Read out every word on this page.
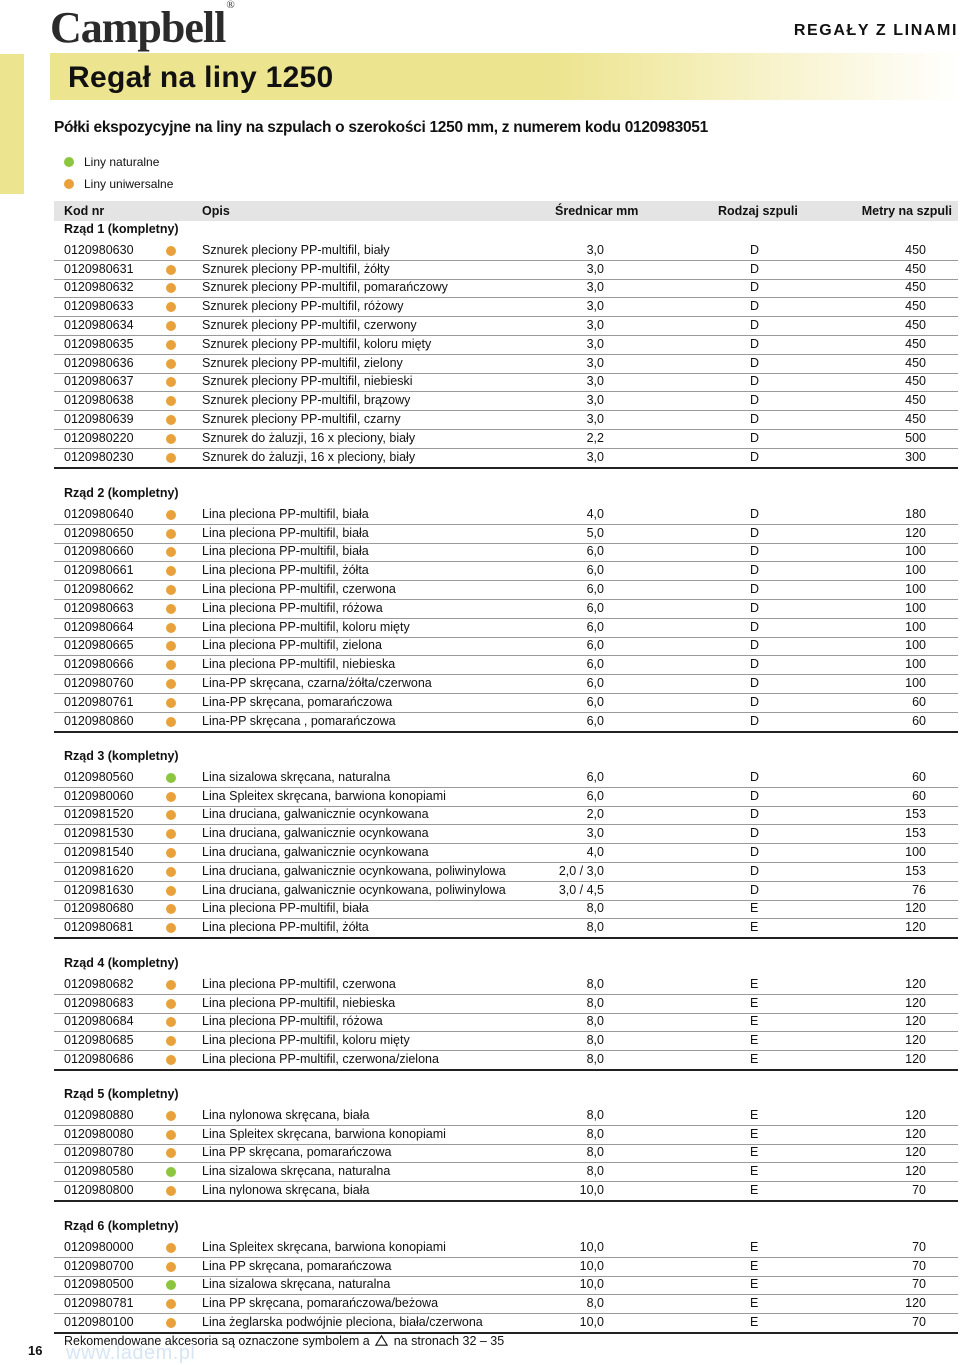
Campbell®
REGAŁY Z LINAMI
Regał na liny 1250
Półki ekspozycyjne na liny na szpulach o szerokości 1250 mm, z numerem kodu 0120983051
Liny naturalne
Liny uniwersalne
Kod nr	Opis	Średnicar mm	Rodzaj szpuli	Metry na szpuli
Rząd 1 (kompletny)
0120980630	Sznurek pleciony PP-multifil, biały	3,0	D	450
0120980631	Sznurek pleciony PP-multifil, żółty	3,0	D	450
0120980632	Sznurek pleciony PP-multifil, pomarańczowy	3,0	D	450
0120980633	Sznurek pleciony PP-multifil, różowy	3,0	D	450
0120980634	Sznurek pleciony PP-multifil, czerwony	3,0	D	450
0120980635	Sznurek pleciony PP-multifil, koloru mięty	3,0	D	450
0120980636	Sznurek pleciony PP-multifil, zielony	3,0	D	450
0120980637	Sznurek pleciony PP-multifil, niebieski	3,0	D	450
0120980638	Sznurek pleciony PP-multifil, brązowy	3,0	D	450
0120980639	Sznurek pleciony PP-multifil, czarny	3,0	D	450
0120980220	Sznurek do żaluzji, 16 x pleciony, biały	2,2	D	500
0120980230	Sznurek do żaluzji, 16 x pleciony, biały	3,0	D	300
Rząd 2 (kompletny)
0120980640	Lina pleciona PP-multifil, biała	4,0	D	180
0120980650	Lina pleciona PP-multifil, biała	5,0	D	120
0120980660	Lina pleciona PP-multifil, biała	6,0	D	100
0120980661	Lina pleciona PP-multifil, żółta	6,0	D	100
0120980662	Lina pleciona PP-multifil, czerwona	6,0	D	100
0120980663	Lina pleciona PP-multifil, różowa	6,0	D	100
0120980664	Lina pleciona PP-multifil, koloru mięty	6,0	D	100
0120980665	Lina pleciona PP-multifil, zielona	6,0	D	100
0120980666	Lina pleciona PP-multifil, niebieska	6,0	D	100
0120980760	Lina-PP skręcana, czarna/żółta/czerwona	6,0	D	100
0120980761	Lina-PP skręcana, pomarańczowa	6,0	D	60
0120980860	Lina-PP skręcana , pomarańczowa	6,0	D	60
Rząd 3 (kompletny)
0120980560	Lina sizalowa skręcana, naturalna	6,0	D	60
0120980060	Lina Spleitex skręcana, barwiona konopiami	6,0	D	60
0120981520	Lina druciana, galwanicznie ocynkowana	2,0	D	153
0120981530	Lina druciana, galwanicznie ocynkowana	3,0	D	153
0120981540	Lina druciana, galwanicznie ocynkowana	4,0	D	100
0120981620	Lina druciana, galwanicznie ocynkowana, poliwinylowa	2,0 / 3,0	D	153
0120981630	Lina druciana, galwanicznie ocynkowana, poliwinylowa	3,0 / 4,5	D	76
0120980680	Lina pleciona PP-multifil, biała	8,0	E	120
0120980681	Lina pleciona PP-multifil, żółta	8,0	E	120
Rząd 4 (kompletny)
0120980682	Lina pleciona PP-multifil, czerwona	8,0	E	120
0120980683	Lina pleciona PP-multifil, niebieska	8,0	E	120
0120980684	Lina pleciona PP-multifil, różowa	8,0	E	120
0120980685	Lina pleciona PP-multifil, koloru mięty	8,0	E	120
0120980686	Lina pleciona PP-multifil, czerwona/zielona	8,0	E	120
Rząd 5 (kompletny)
0120980880	Lina nylonowa skręcana, biała	8,0	E	120
0120980080	Lina Spleitex skręcana, barwiona konopiami	8,0	E	120
0120980780	Lina PP skręcana, pomarańczowa	8,0	E	120
0120980580	Lina sizalowa skręcana, naturalna	8,0	E	120
0120980800	Lina nylonowa skręcana, biała	10,0	E	70
Rząd 6 (kompletny)
0120980000	Lina Spleitex skręcana, barwiona konopiami	10,0	E	70
0120980700	Lina PP skręcana, pomarańczowa	10,0	E	70
0120980500	Lina sizalowa skręcana, naturalna	10,0	E	70
0120980781	Lina PP skręcana, pomarańczowa/beżowa	8,0	E	120
0120980100	Lina żeglarska podwójnie pleciona, biała/czerwona	10,0	E	70
Rekomendowane akcesoria są oznaczone symbolem a na stronach 32 – 35
www.ladem.pl
16
